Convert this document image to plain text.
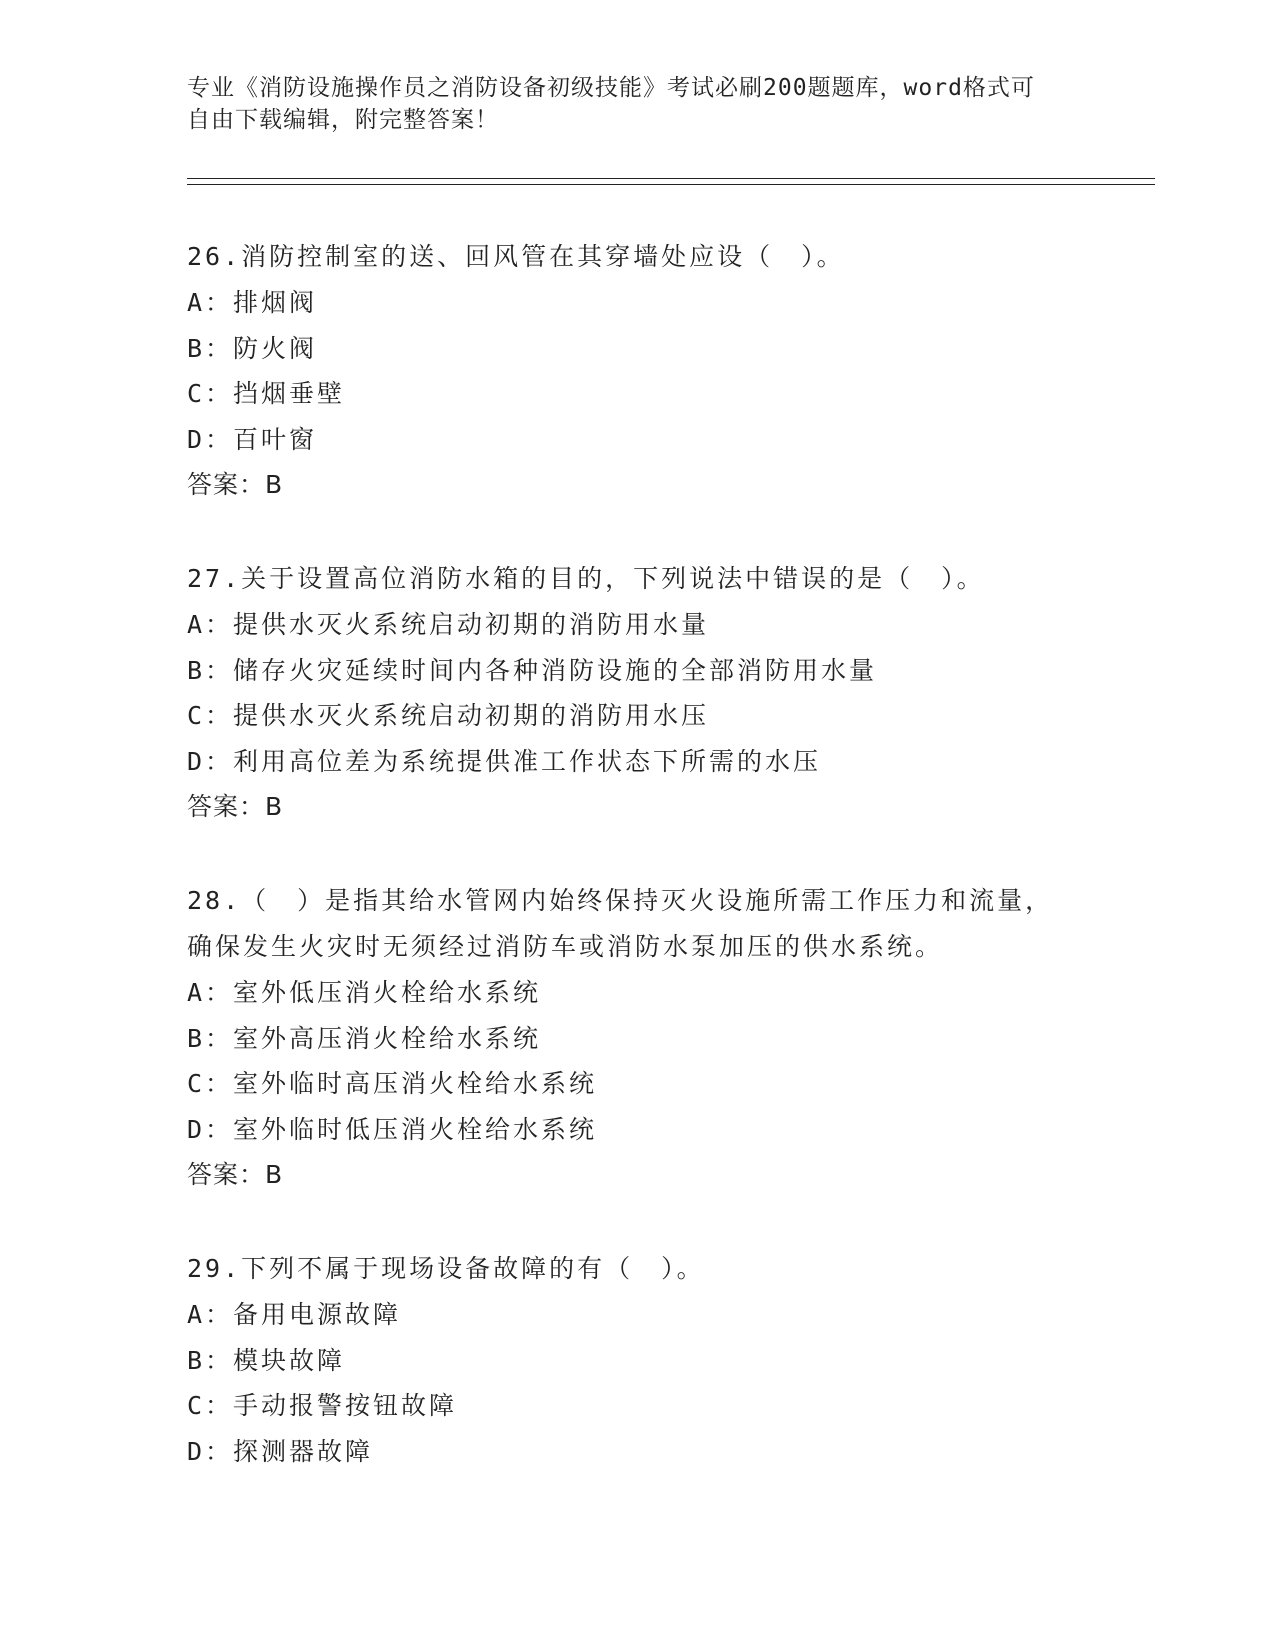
专业《消防设施操作员之消防设备初级技能》考试必刷200题题库，word格式可

自由下载编辑，附完整答案！

26.消防控制室的送、回风管在其穿墙处应设（　）。

A：排烟阀

B：防火阀

C：挡烟垂壁

D：百叶窗

答案：B

27.关于设置高位消防水箱的目的，下列说法中错误的是（　）。

A：提供水灭火系统启动初期的消防用水量

B：储存火灾延续时间内各种消防设施的全部消防用水量

C：提供水灭火系统启动初期的消防用水压

D：利用高位差为系统提供准工作状态下所需的水压

答案：B

28.（　）是指其给水管网内始终保持灭火设施所需工作压力和流量，

确保发生火灾时无须经过消防车或消防水泵加压的供水系统。

A：室外低压消火栓给水系统

B：室外高压消火栓给水系统

C：室外临时高压消火栓给水系统

D：室外临时低压消火栓给水系统

答案：B

29.下列不属于现场设备故障的有（　）。

A：备用电源故障

B：模块故障

C：手动报警按钮故障

D：探测器故障
